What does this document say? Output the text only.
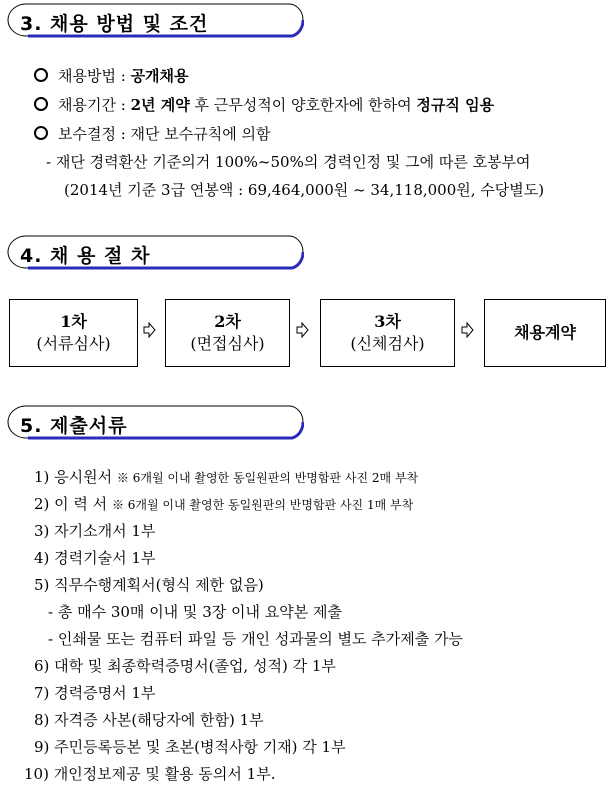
3. 채용 방법 및 조건
채용방법 : 공개채용
채용기간 : 2년 계약 후 근무성적이 양호한자에 한하여 정규직 임용
보수결정 : 재단 보수규칙에 의함
- 재단 경력환산 기준의거 100%~50%의 경력인정 및 그에 따른 호봉부여
(2014년 기준 3급 연봉액 : 69,464,000원 ~ 34,118,000원, 수당별도)
4. 채 용 절 차
1차
(서류심사)
2차
(면접심사)
3차
(신체검사)
채용계약
5. 제출서류
1) 응시원서 ※ 6개월 이내 촬영한 동일원판의 반명함판 사진 2매 부착
2) 이 력 서 ※ 6개월 이내 촬영한 동일원판의 반명함판 사진 1매 부착
3) 자기소개서 1부
4) 경력기술서 1부
5) 직무수행계획서(형식 제한 없음)
- 총 매수 30매 이내 및 3장 이내 요약본 제출
- 인쇄물 또는 컴퓨터 파일 등 개인 성과물의 별도 추가제출 가능
6) 대학 및 최종학력증명서(졸업, 성적) 각 1부
7) 경력증명서 1부
8) 자격증 사본(해당자에 한함) 1부
9) 주민등록등본 및 초본(병적사항 기재) 각 1부
10) 개인정보제공 및 활용 동의서 1부.
